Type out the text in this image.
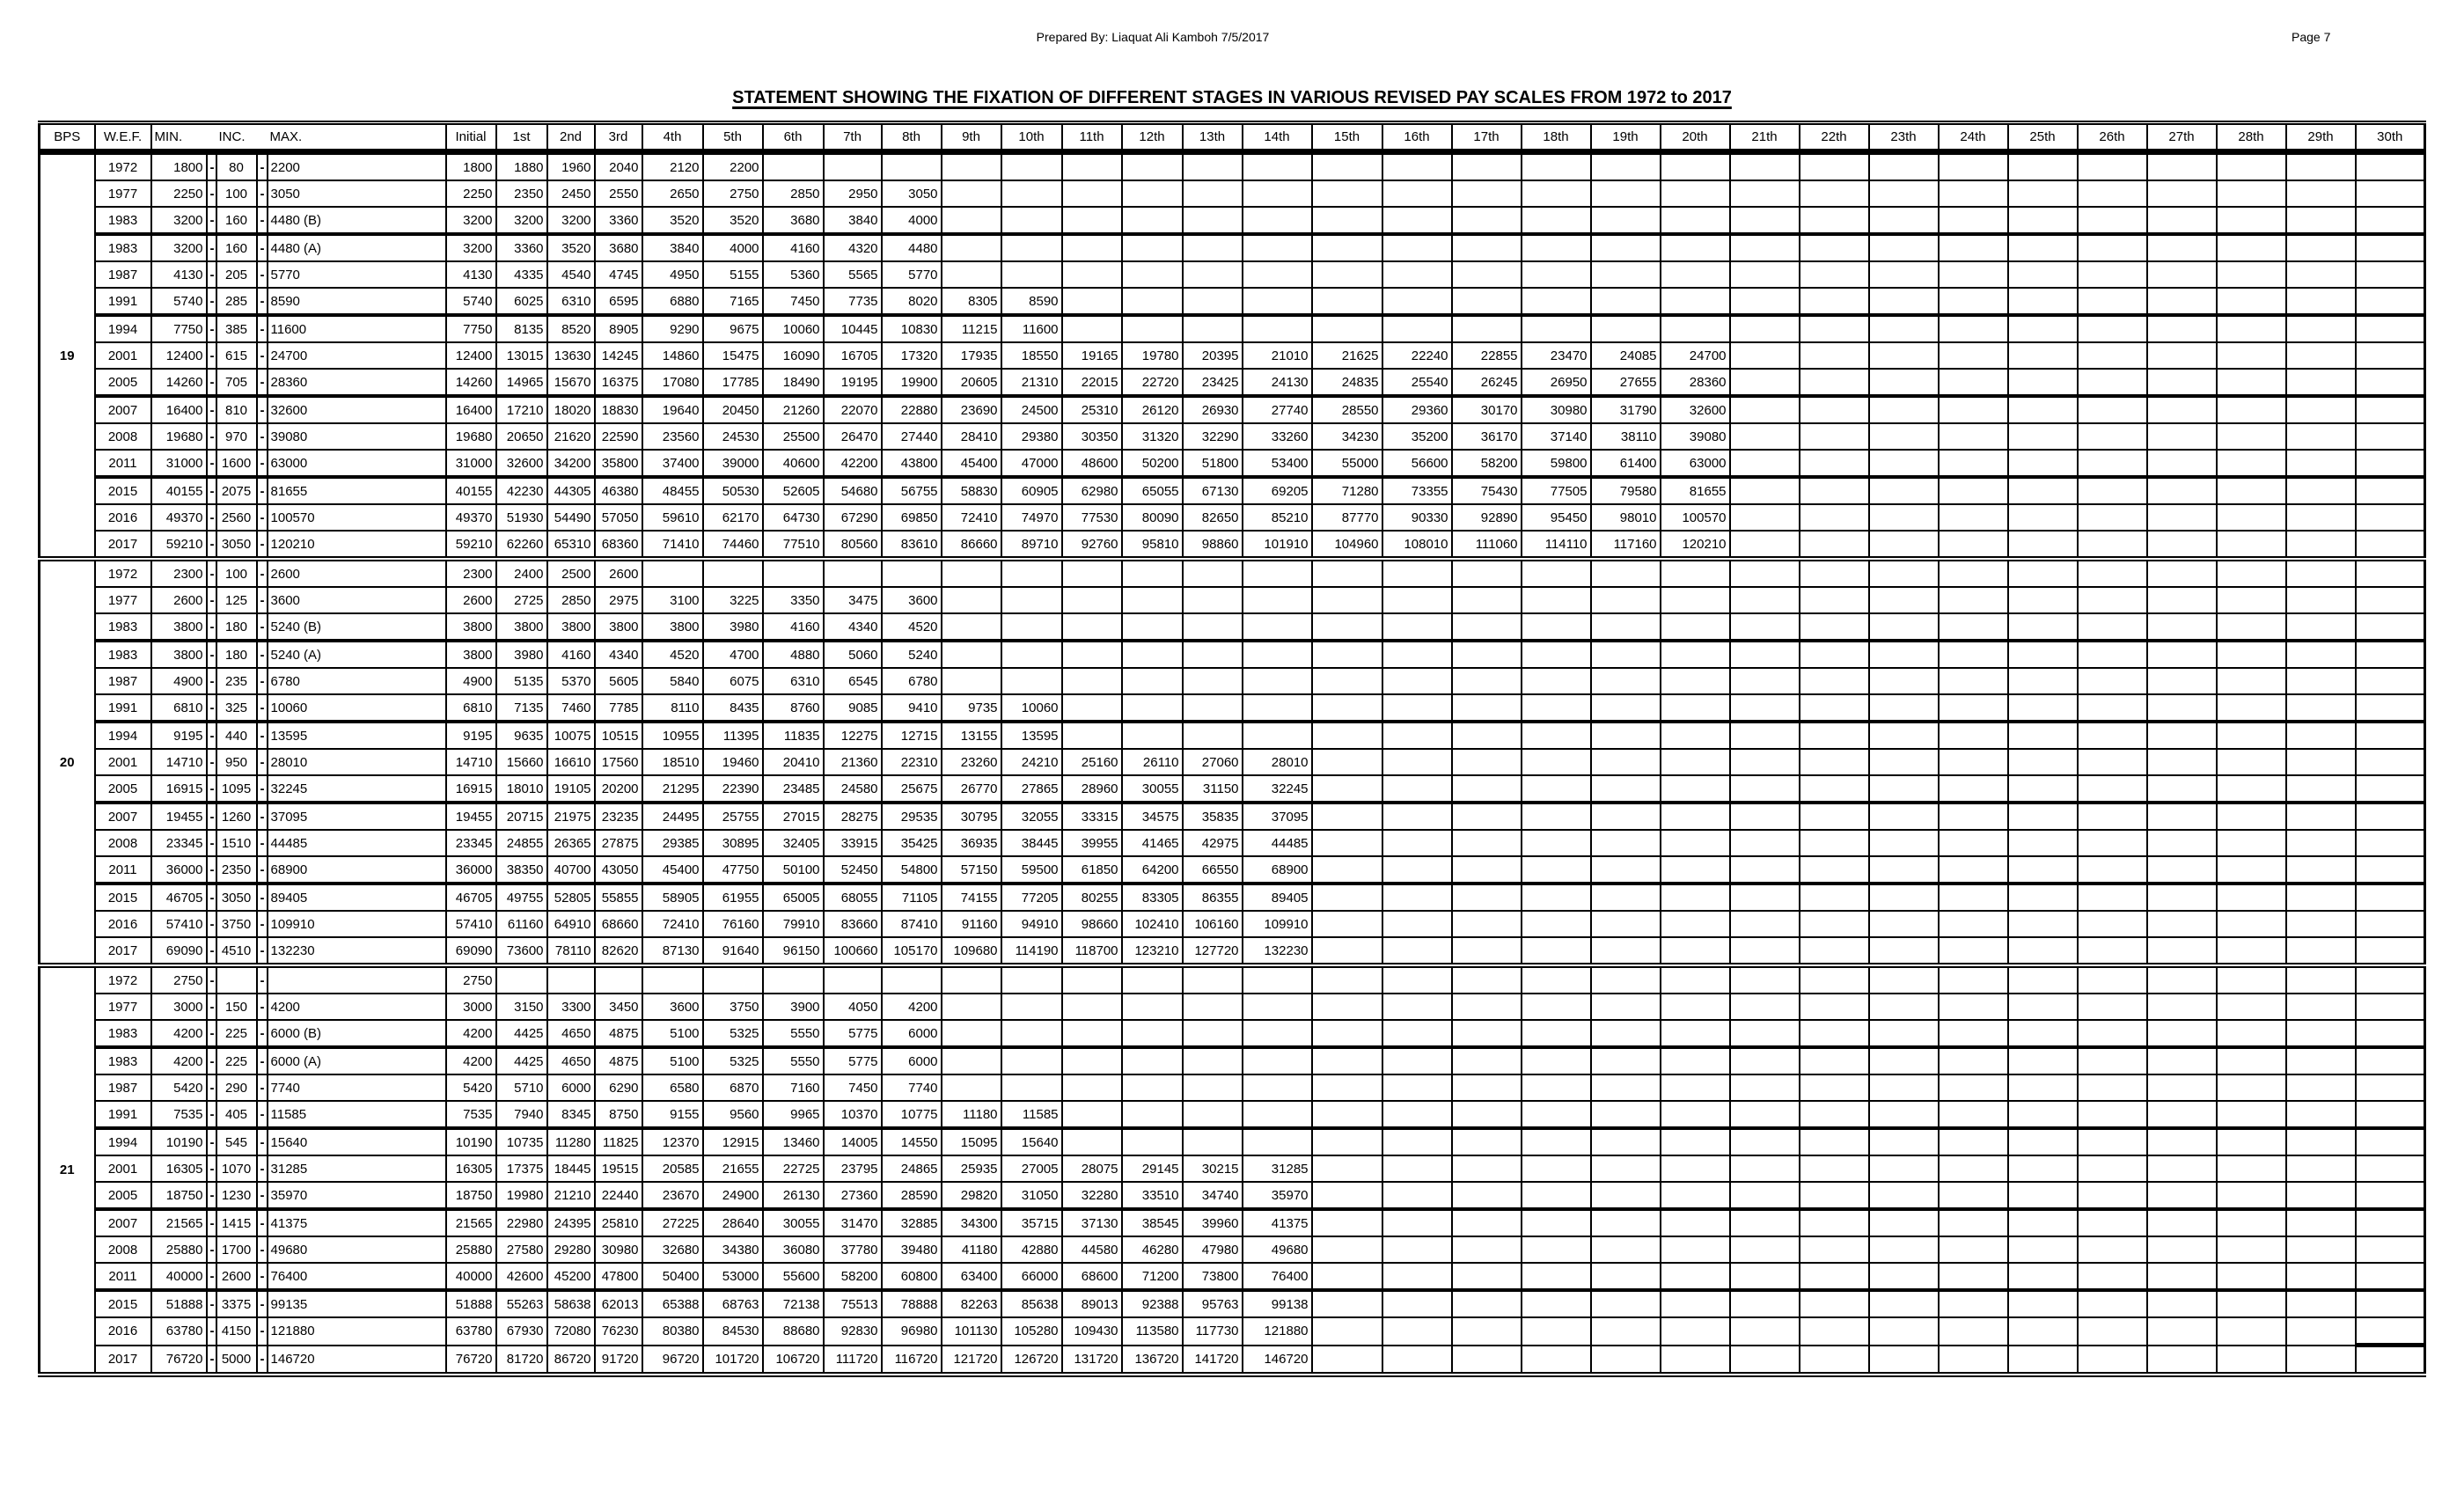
Prepared By: Liaquat Ali Kamboh 7/5/2017	Page 7
STATEMENT SHOWING THE FIXATION OF DIFFERENT STAGES IN VARIOUS REVISED PAY SCALES FROM 1972 to 2017
BPS	W.E.F.	MIN.		INC.		MAX.	Initial	1st	2nd	3rd	4th	5th	6th	7th	8th	9th	10th	11th	12th	13th	14th	15th	16th	17th	18th	19th	20th	21th	22th	23th	24th	25th	26th	27th	28th	29th	30th
19	1972	1800	-	80	-	2200	1800	1880	1960	2040	2120	2200																									
	1977	2250	-	100	-	3050	2250	2350	2450	2550	2650	2750	2850	2950	3050																						
	1983	3200	-	160	-	4480 (B)	3200	3200	3200	3360	3520	3520	3680	3840	4000																						
	1983	3200	-	160	-	4480 (A)	3200	3360	3520	3680	3840	4000	4160	4320	4480																						
	1987	4130	-	205	-	5770	4130	4335	4540	4745	4950	5155	5360	5565	5770																						
	1991	5740	-	285	-	8590	5740	6025	6310	6595	6880	7165	7450	7735	8020	8305	8590																				
	1994	7750	-	385	-	11600	7750	8135	8520	8905	9290	9675	10060	10445	10830	11215	11600																				
	2001	12400	-	615	-	24700	12400	13015	13630	14245	14860	15475	16090	16705	17320	17935	18550	19165	19780	20395	21010	21625	22240	22855	23470	24085	24700										
	2005	14260	-	705	-	28360	14260	14965	15670	16375	17080	17785	18490	19195	19900	20605	21310	22015	22720	23425	24130	24835	25540	26245	26950	27655	28360										
	2007	16400	-	810	-	32600	16400	17210	18020	18830	19640	20450	21260	22070	22880	23690	24500	25310	26120	26930	27740	28550	29360	30170	30980	31790	32600										
	2008	19680	-	970	-	39080	19680	20650	21620	22590	23560	24530	25500	26470	27440	28410	29380	30350	31320	32290	33260	34230	35200	36170	37140	38110	39080										
	2011	31000	-	1600	-	63000	31000	32600	34200	35800	37400	39000	40600	42200	43800	45400	47000	48600	50200	51800	53400	55000	56600	58200	59800	61400	63000										
	2015	40155	-	2075	-	81655	40155	42230	44305	46380	48455	50530	52605	54680	56755	58830	60905	62980	65055	67130	69205	71280	73355	75430	77505	79580	81655										
	2016	49370	-	2560	-	100570	49370	51930	54490	57050	59610	62170	64730	67290	69850	72410	74970	77530	80090	82650	85210	87770	90330	92890	95450	98010	100570										
	2017	59210	-	3050	-	120210	59210	62260	65310	68360	71410	74460	77510	80560	83610	86660	89710	92760	95810	98860	101910	104960	108010	111060	114110	117160	120210										
20	1972	2300	-	100	-	2600	2300	2400	2500	2600																											
	1977	2600	-	125	-	3600	2600	2725	2850	2975	3100	3225	3350	3475	3600																						
	1983	3800	-	180	-	5240 (B)	3800	3800	3800	3800	3800	3980	4160	4340	4520																						
	1983	3800	-	180	-	5240 (A)	3800	3980	4160	4340	4520	4700	4880	5060	5240																						
	1987	4900	-	235	-	6780	4900	5135	5370	5605	5840	6075	6310	6545	6780																						
	1991	6810	-	325	-	10060	6810	7135	7460	7785	8110	8435	8760	9085	9410	9735	10060																				
	1994	9195	-	440	-	13595	9195	9635	10075	10515	10955	11395	11835	12275	12715	13155	13595																				
	2001	14710	-	950	-	28010	14710	15660	16610	17560	18510	19460	20410	21360	22310	23260	24210	25160	26110	27060	28010																
	2005	16915	-	1095	-	32245	16915	18010	19105	20200	21295	22390	23485	24580	25675	26770	27865	28960	30055	31150	32245																
	2007	19455	-	1260	-	37095	19455	20715	21975	23235	24495	25755	27015	28275	29535	30795	32055	33315	34575	35835	37095																
	2008	23345	-	1510	-	44485	23345	24855	26365	27875	29385	30895	32405	33915	35425	36935	38445	39955	41465	42975	44485																
	2011	36000	-	2350	-	68900	36000	38350	40700	43050	45400	47750	50100	52450	54800	57150	59500	61850	64200	66550	68900																
	2015	46705	-	3050	-	89405	46705	49755	52805	55855	58905	61955	65005	68055	71105	74155	77205	80255	83305	86355	89405																
	2016	57410	-	3750	-	109910	57410	61160	64910	68660	72410	76160	79910	83660	87410	91160	94910	98660	102410	106160	109910																
	2017	69090	-	4510	-	132230	69090	73600	78110	82620	87130	91640	96150	100660	105170	109680	114190	118700	123210	127720	132230																
21	1972	2750	-		-		2750																														
	1977	3000	-	150	-	4200	3000	3150	3300	3450	3600	3750	3900	4050	4200																						
	1983	4200	-	225	-	6000 (B)	4200	4425	4650	4875	5100	5325	5550	5775	6000																						
	1983	4200	-	225	-	6000 (A)	4200	4425	4650	4875	5100	5325	5550	5775	6000																						
	1987	5420	-	290	-	7740	5420	5710	6000	6290	6580	6870	7160	7450	7740																						
	1991	7535	-	405	-	11585	7535	7940	8345	8750	9155	9560	9965	10370	10775	11180	11585																				
	1994	10190	-	545	-	15640	10190	10735	11280	11825	12370	12915	13460	14005	14550	15095	15640																				
	2001	16305	-	1070	-	31285	16305	17375	18445	19515	20585	21655	22725	23795	24865	25935	27005	28075	29145	30215	31285																
	2005	18750	-	1230	-	35970	18750	19980	21210	22440	23670	24900	26130	27360	28590	29820	31050	32280	33510	34740	35970																
	2007	21565	-	1415	-	41375	21565	22980	24395	25810	27225	28640	30055	31470	32885	34300	35715	37130	38545	39960	41375																
	2008	25880	-	1700	-	49680	25880	27580	29280	30980	32680	34380	36080	37780	39480	41180	42880	44580	46280	47980	49680																
	2011	40000	-	2600	-	76400	40000	42600	45200	47800	50400	53000	55600	58200	60800	63400	66000	68600	71200	73800	76400																
	2015	51888	-	3375	-	99135	51888	55263	58638	62013	65388	68763	72138	75513	78888	82263	85638	89013	92388	95763	99138																
	2016	63780	-	4150	-	121880	63780	67930	72080	76230	80380	84530	88680	92830	96980	101130	105280	109430	113580	117730	121880																
	2017	76720	-	5000	-	146720	76720	81720	86720	91720	96720	101720	106720	111720	116720	121720	126720	131720	136720	141720	146720																
